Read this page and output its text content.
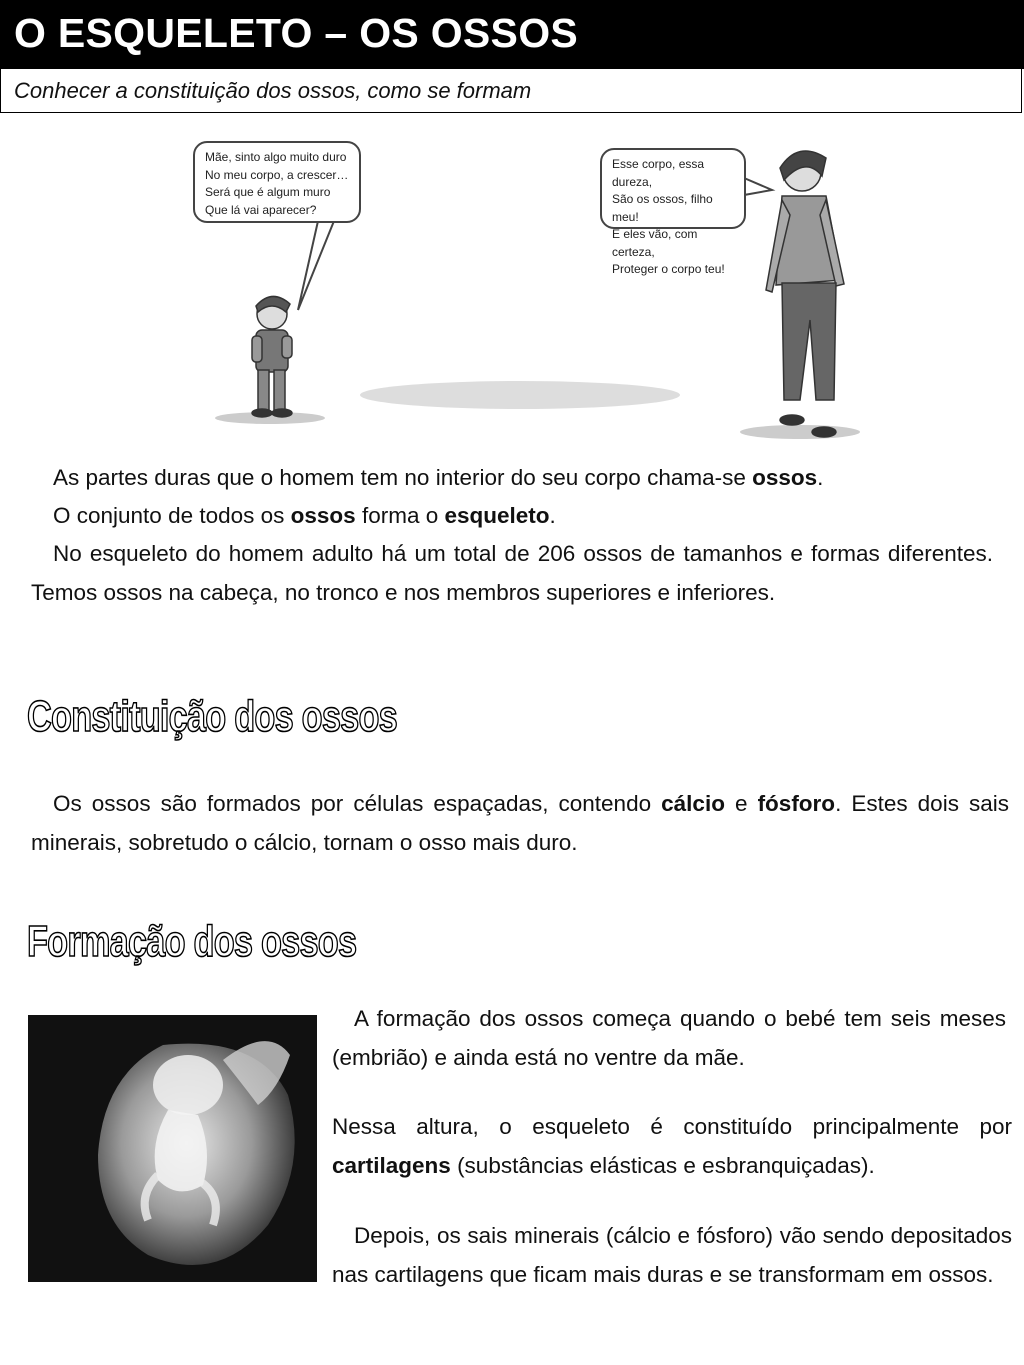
O ESQUELETO – OS OSSOS
Conhecer a constituição dos ossos, como se formam
Mãe, sinto algo muito duro
No meu corpo, a crescer…
Será que é algum muro
Que lá vai aparecer?
Esse corpo, essa dureza,
São os ossos, filho meu!
E eles vão, com certeza,
Proteger o corpo teu!

As partes duras que o homem tem no interior do seu corpo chama-se ossos.

O conjunto de todos os ossos forma o esqueleto.

No esqueleto do homem adulto há um total de 206 ossos de tamanhos e formas diferentes. Temos ossos na cabeça, no tronco e nos membros superiores e inferiores.

Constituição dos ossos

Os ossos são formados por células espaçadas, contendo cálcio e fósforo. Estes dois sais minerais, sobretudo o cálcio, tornam o osso mais duro.

Formação dos ossos

A formação dos ossos começa quando o bebé tem seis meses (embrião) e ainda está no ventre da mãe.

Nessa altura, o esqueleto é constituído principalmente por cartilagens (substâncias elásticas e esbranquiçadas).

Depois, os sais minerais (cálcio e fósforo) vão sendo depositados nas cartilagens que ficam mais duras e se transformam em ossos.
